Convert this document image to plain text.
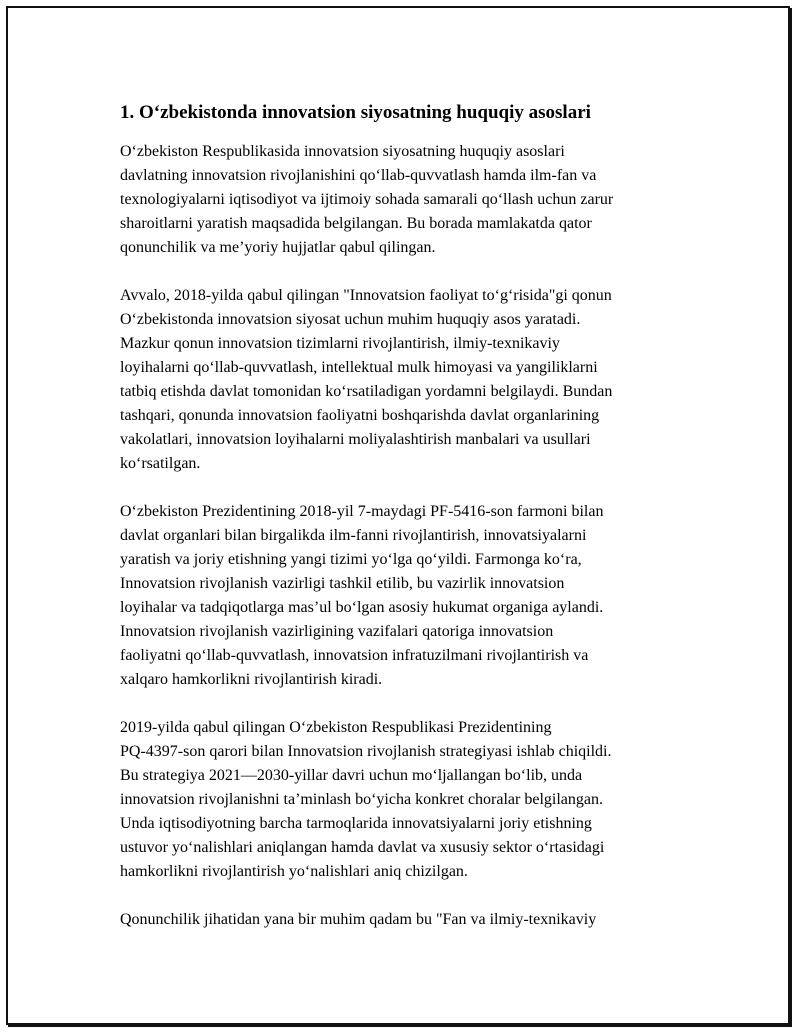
1. O‘zbekistonda innovatsion siyosatning huquqiy asoslari

O‘zbekiston Respublikasida innovatsion siyosatning huquqiy asoslari
davlatning innovatsion rivojlanishini qo‘llab-quvvatlash hamda ilm-fan va
texnologiyalarni iqtisodiyot va ijtimoiy sohada samarali qo‘llash uchun zarur
sharoitlarni yaratish maqsadida belgilangan. Bu borada mamlakatda qator
qonunchilik va me’yoriy hujjatlar qabul qilingan.

Avvalo, 2018-yilda qabul qilingan "Innovatsion faoliyat to‘g‘risida"gi qonun
O‘zbekistonda innovatsion siyosat uchun muhim huquqiy asos yaratadi.
Mazkur qonun innovatsion tizimlarni rivojlantirish, ilmiy-texnikaviy
loyihalarni qo‘llab-quvvatlash, intellektual mulk himoyasi va yangiliklarni
tatbiq etishda davlat tomonidan ko‘rsatiladigan yordamni belgilaydi. Bundan
tashqari, qonunda innovatsion faoliyatni boshqarishda davlat organlarining
vakolatlari, innovatsion loyihalarni moliyalashtirish manbalari va usullari
ko‘rsatilgan.

O‘zbekiston Prezidentining 2018-yil 7-maydagi PF-5416-son farmoni bilan
davlat organlari bilan birgalikda ilm-fanni rivojlantirish, innovatsiyalarni
yaratish va joriy etishning yangi tizimi yo‘lga qo‘yildi. Farmonga ko‘ra,
Innovatsion rivojlanish vazirligi tashkil etilib, bu vazirlik innovatsion
loyihalar va tadqiqotlarga mas’ul bo‘lgan asosiy hukumat organiga aylandi.
Innovatsion rivojlanish vazirligining vazifalari qatoriga innovatsion
faoliyatni qo‘llab-quvvatlash, innovatsion infratuzilmani rivojlantirish va
xalqaro hamkorlikni rivojlantirish kiradi.

2019-yilda qabul qilingan O‘zbekiston Respublikasi Prezidentining
PQ-4397-son qarori bilan Innovatsion rivojlanish strategiyasi ishlab chiqildi.
Bu strategiya 2021—2030-yillar davri uchun mo‘ljallangan bo‘lib, unda
innovatsion rivojlanishni ta’minlash bo‘yicha konkret choralar belgilangan.
Unda iqtisodiyotning barcha tarmoqlarida innovatsiyalarni joriy etishning
ustuvor yo‘nalishlari aniqlangan hamda davlat va xususiy sektor o‘rtasidagi
hamkorlikni rivojlantirish yo‘nalishlari aniq chizilgan.

Qonunchilik jihatidan yana bir muhim qadam bu "Fan va ilmiy-texnikaviy
